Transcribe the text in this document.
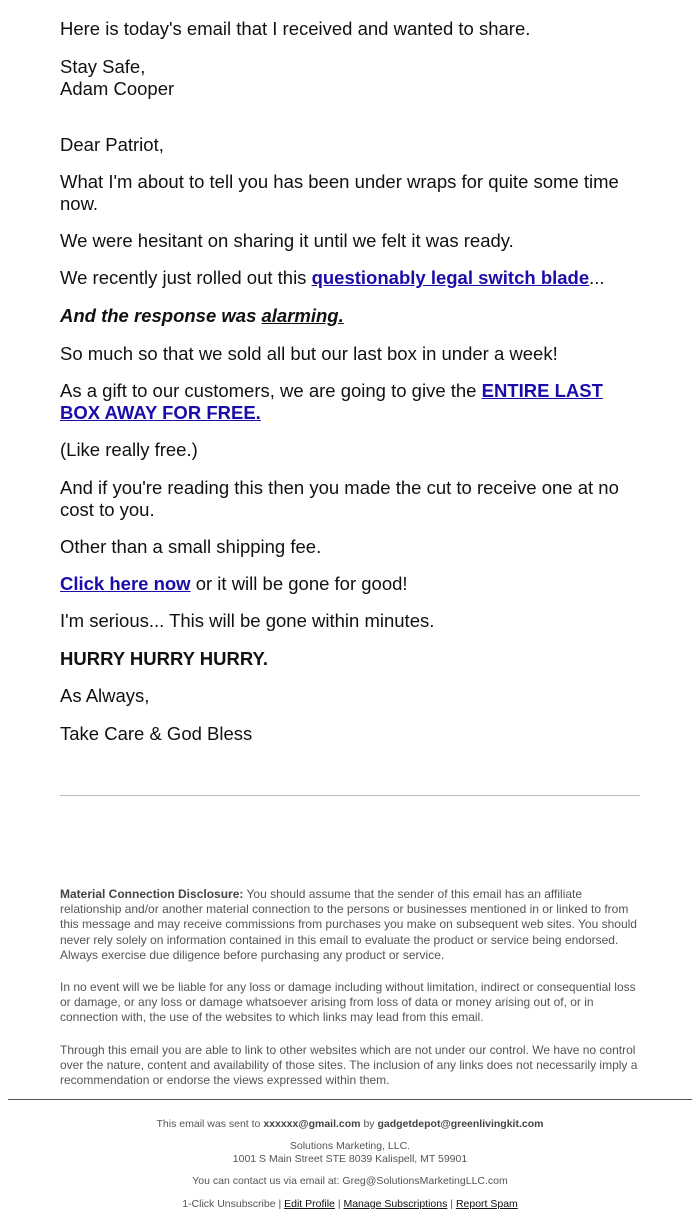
Here is today's email that I received and wanted to share.

Stay Safe,
Adam Cooper

Dear Patriot,

What I'm about to tell you has been under wraps for quite some time now.

We were hesitant on sharing it until we felt it was ready.

We recently just rolled out this questionably legal switch blade...

And the response was alarming.

So much so that we sold all but our last box in under a week!

As a gift to our customers, we are going to give the ENTIRE LAST BOX AWAY FOR FREE.

(Like really free.)

And if you're reading this then you made the cut to receive one at no cost to you.

Other than a small shipping fee.

Click here now or it will be gone for good!

I'm serious... This will be gone within minutes.

HURRY HURRY HURRY.

As Always,

Take Care & God Bless

Material Connection Disclosure: You should assume that the sender of this email has an affiliate relationship and/or another material connection to the persons or businesses mentioned in or linked to from this message and may receive commissions from purchases you make on subsequent web sites. You should never rely solely on information contained in this email to evaluate the product or service being endorsed. Always exercise due diligence before purchasing any product or service.

In no event will we be liable for any loss or damage including without limitation, indirect or consequential loss or damage, or any loss or damage whatsoever arising from loss of data or money arising out of, or in connection with, the use of the websites to which links may lead from this email.

Through this email you are able to link to other websites which are not under our control. We have no control over the nature, content and availability of those sites. The inclusion of any links does not necessarily imply a recommendation or endorse the views expressed within them.

This email was sent to xxxxxx@gmail.com by gadgetdepot@greenlivingkit.com

Solutions Marketing, LLC.

1001 S Main Street STE 8039 Kalispell, MT 59901

You can contact us via email at: Greg@SolutionsMarketingLLC.com

1-Click Unsubscribe | Edit Profile | Manage Subscriptions | Report Spam
